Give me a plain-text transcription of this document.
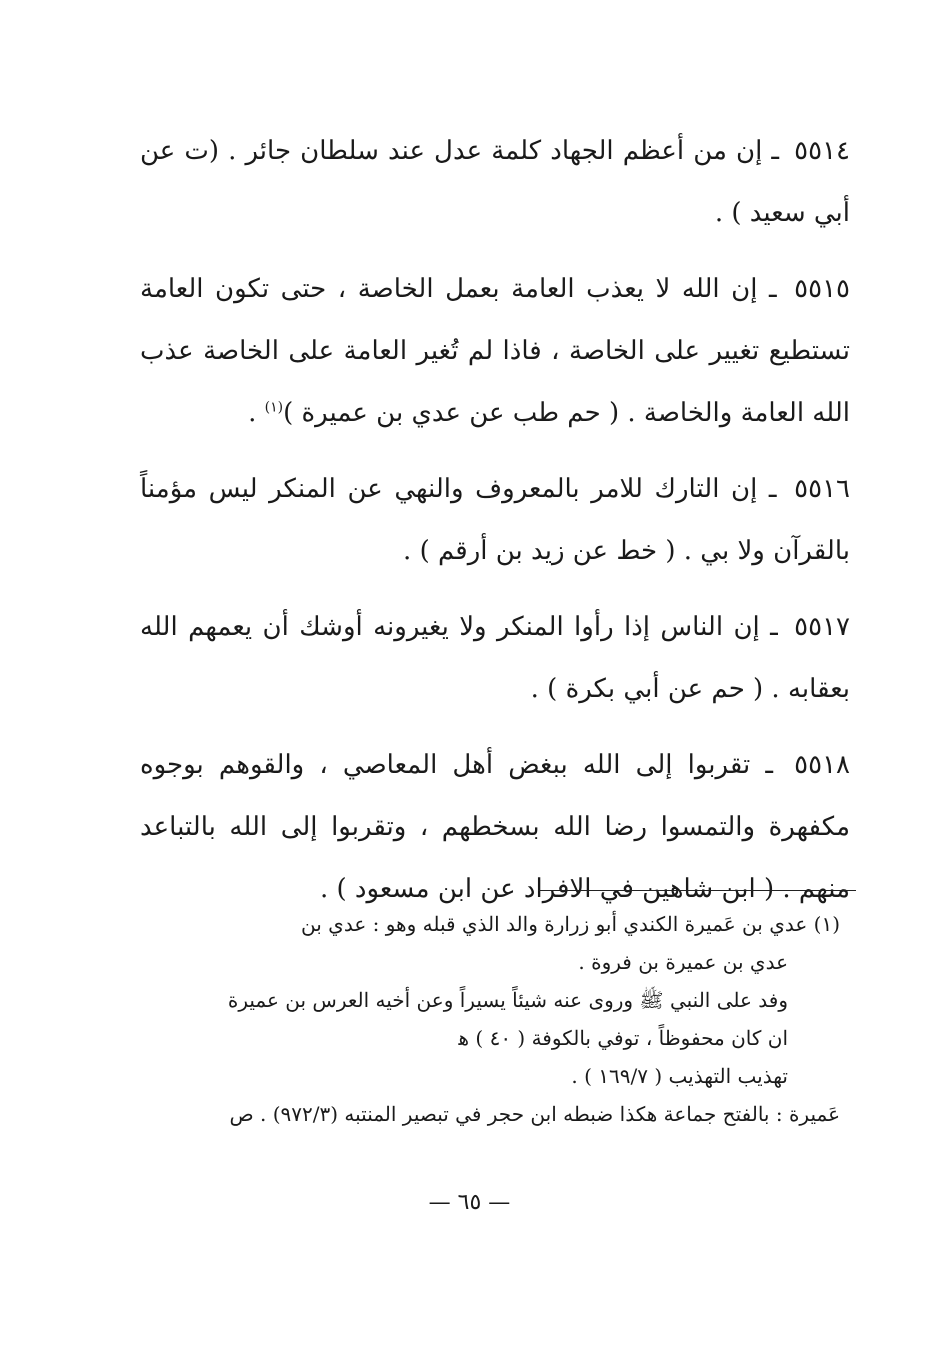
٥٥١٤ ـ إن من أعظم الجهاد كلمة عدل عند سلطان جائر . (ت عن أبي سعيد ) .

٥٥١٥ ـ إن الله لا يعذب العامة بعمل الخاصة ، حتى تكون العامة تستطيع تغيير على الخاصة ، فاذا لم تُغير العامة على الخاصة عذب الله العامة والخاصة . ( حم طب عن عدي بن عميرة )$^{(١)}$ .

٥٥١٦ ـ إن التارك للامر بالمعروف والنهي عن المنكر ليس مؤمناً بالقرآن ولا بي . ( خط عن زيد بن أرقم ) .

٥٥١٧ ـ إن الناس إذا رأوا المنكر ولا يغيرونه أوشك أن يعمهم الله بعقابه . ( حم عن أبي بكرة ) .

٥٥١٨ ـ تقربوا إلى الله ببغض أهل المعاصي ، والقوهم بوجوه مكفهرة والتمسوا رضا الله بسخطهم ، وتقربوا إلى الله بالتباعد منهم . ( ابن شاهين في الافراد عن ابن مسعود ) .

(١) عدي بن عَميرة الكندي أبو زرارة والد الذي قبله وهو : عدي بن

عدي بن عميرة بن فروة .

وفد على النبي ﷺ وروى عنه شيئاً يسيراً وعن أخيه العرس بن عميرة

ان كان محفوظاً ، توفي بالكوفة ( ٤٠ ) ﻫ

تهذيب التهذيب ( ١٦٩/٧ ) .

عَميرة : بالفتح جماعة هكذا ضبطه ابن حجر في تبصير المنتبه (٩٧٢/٣) . ص

— ٦٥ —
